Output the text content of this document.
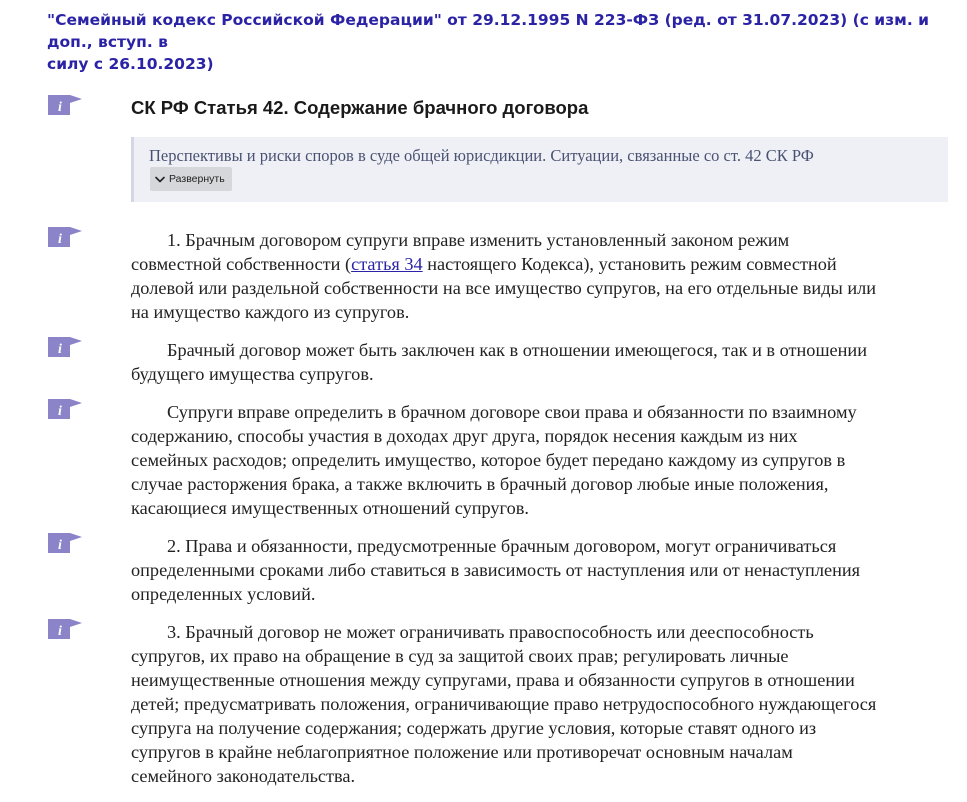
"Семейный кодекс Российской Федерации" от 29.12.1995 N 223-ФЗ (ред. от 31.07.2023) (с изм. и доп., вступ. в
силу с 26.10.2023)
i
i
i
i
i
i
СК РФ Статья 42. Содержание брачного договора
Перспективы и риски споров в суде общей юрисдикции. Ситуации, связанные со ст. 42 СК РФ
Развернуть

1. Брачным договором супруги вправе изменить установленный законом режим
совместной собственности (статья 34 настоящего Кодекса), установить режим совместной
долевой или раздельной собственности на все имущество супругов, на его отдельные виды или
на имущество каждого из супругов.

Брачный договор может быть заключен как в отношении имеющегося, так и в отношении
будущего имущества супругов.

Супруги вправе определить в брачном договоре свои права и обязанности по взаимному
содержанию, способы участия в доходах друг друга, порядок несения каждым из них
семейных расходов; определить имущество, которое будет передано каждому из супругов в
случае расторжения брака, а также включить в брачный договор любые иные положения,
касающиеся имущественных отношений супругов.

2. Права и обязанности, предусмотренные брачным договором, могут ограничиваться
определенными сроками либо ставиться в зависимость от наступления или от ненаступления
определенных условий.

3. Брачный договор не может ограничивать правоспособность или дееспособность
супругов, их право на обращение в суд за защитой своих прав; регулировать личные
неимущественные отношения между супругами, права и обязанности супругов в отношении
детей; предусматривать положения, ограничивающие право нетрудоспособного нуждающегося
супруга на получение содержания; содержать другие условия, которые ставят одного из
супругов в крайне неблагоприятное положение или противоречат основным началам
семейного законодательства.
